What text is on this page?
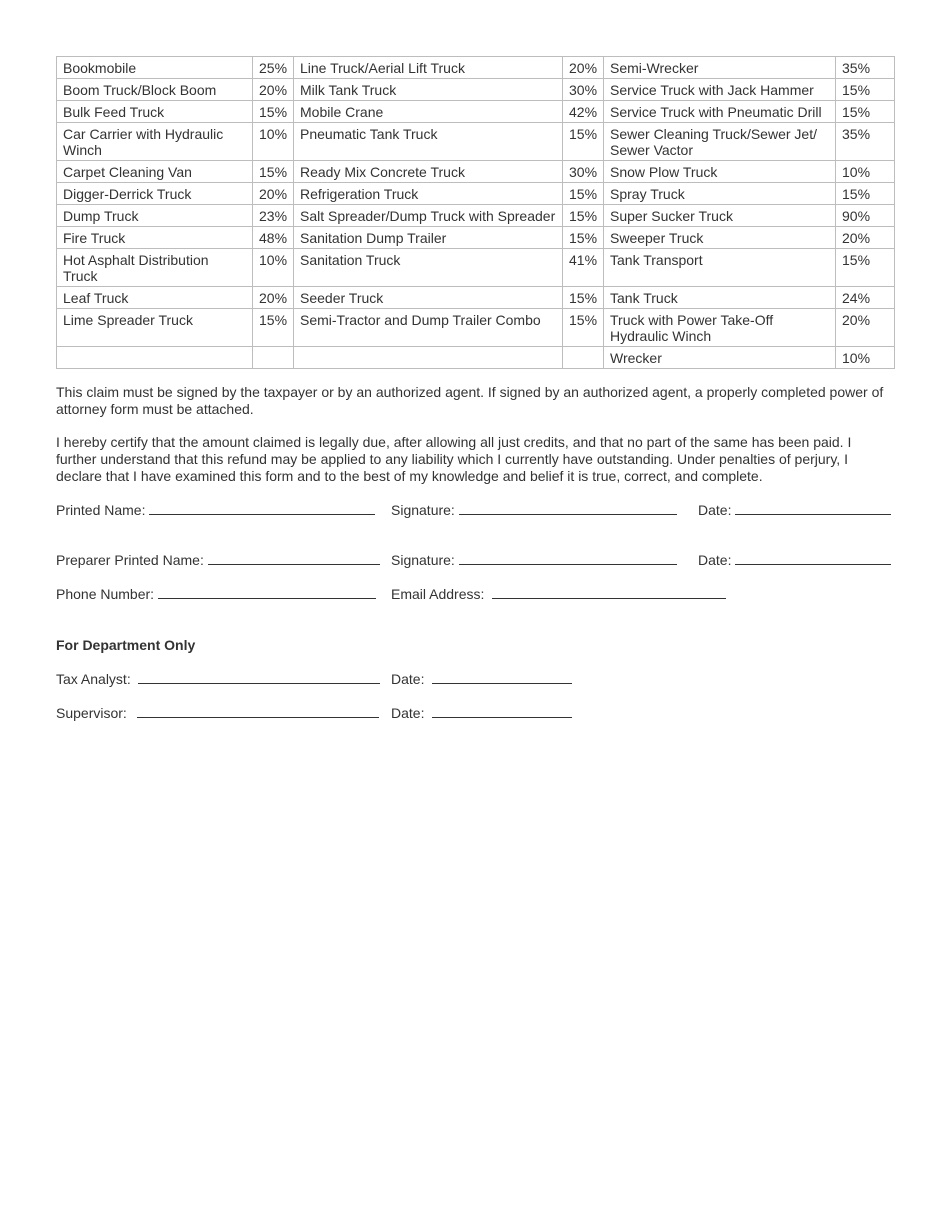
Bookmobile	25%	Line Truck/Aerial Lift Truck	20%	Semi-Wrecker	35%
Boom Truck/Block Boom	20%	Milk Tank Truck	30%	Service Truck with Jack Hammer	15%
Bulk Feed Truck	15%	Mobile Crane	42%	Service Truck with Pneumatic Drill	15%
Car Carrier with Hydraulic Winch	10%	Pneumatic Tank Truck	15%	Sewer Cleaning Truck/Sewer Jet/ Sewer Vactor	35%
Carpet Cleaning Van	15%	Ready Mix Concrete Truck	30%	Snow Plow Truck	10%
Digger-Derrick Truck	20%	Refrigeration Truck	15%	Spray Truck	15%
Dump Truck	23%	Salt Spreader/Dump Truck with Spreader	15%	Super Sucker Truck	90%
Fire Truck	48%	Sanitation Dump Trailer	15%	Sweeper Truck	20%
Hot Asphalt Distribution Truck	10%	Sanitation Truck	41%	Tank Transport	15%
Leaf Truck	20%	Seeder Truck	15%	Tank Truck	24%
Lime Spreader Truck	15%	Semi-Tractor and Dump Trailer Combo	15%	Truck with Power Take-Off Hydraulic Winch	20%
				Wrecker	10%

This claim must be signed by the taxpayer or by an authorized agent. If signed by an authorized agent, a properly completed power of attorney form must be attached.

I hereby certify that the amount claimed is legally due, after allowing all just credits, and that no part of the same has been paid. I further understand that this refund may be applied to any liability which I currently have outstanding. Under penalties of perjury, I declare that I have examined this form and to the best of my knowledge and belief it is true, correct, and complete.

Printed Name:	Signature:	Date:
Preparer Printed Name:	Signature:	Date:
Phone Number:	Email Address:
For Department Only
Tax Analyst:	Date:
Supervisor:	Date:
